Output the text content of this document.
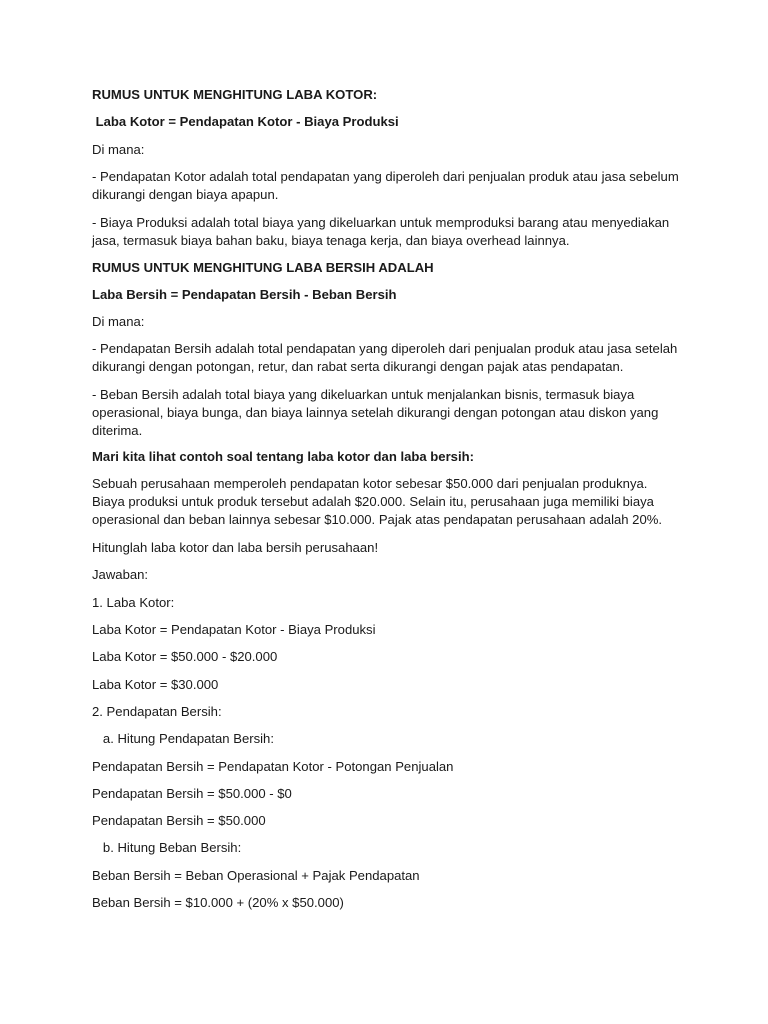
RUMUS UNTUK MENGHITUNG LABA KOTOR:
Laba Kotor = Pendapatan Kotor - Biaya Produksi
Di mana:
- Pendapatan Kotor adalah total pendapatan yang diperoleh dari penjualan produk atau jasa sebelum
dikurangi dengan biaya apapun.
- Biaya Produksi adalah total biaya yang dikeluarkan untuk memproduksi barang atau menyediakan
jasa, termasuk biaya bahan baku, biaya tenaga kerja, dan biaya overhead lainnya.
RUMUS UNTUK MENGHITUNG LABA BERSIH ADALAH
Laba Bersih = Pendapatan Bersih - Beban Bersih
Di mana:
- Pendapatan Bersih adalah total pendapatan yang diperoleh dari penjualan produk atau jasa setelah
dikurangi dengan potongan, retur, dan rabat serta dikurangi dengan pajak atas pendapatan.
- Beban Bersih adalah total biaya yang dikeluarkan untuk menjalankan bisnis, termasuk biaya
operasional, biaya bunga, dan biaya lainnya setelah dikurangi dengan potongan atau diskon yang
diterima.
Mari kita lihat contoh soal tentang laba kotor dan laba bersih:
Sebuah perusahaan memperoleh pendapatan kotor sebesar $50.000 dari penjualan produknya.
Biaya produksi untuk produk tersebut adalah $20.000. Selain itu, perusahaan juga memiliki biaya
operasional dan beban lainnya sebesar $10.000. Pajak atas pendapatan perusahaan adalah 20%.
Hitunglah laba kotor dan laba bersih perusahaan!
Jawaban:
1. Laba Kotor:
Laba Kotor = Pendapatan Kotor - Biaya Produksi
Laba Kotor = $50.000 - $20.000
Laba Kotor = $30.000
2. Pendapatan Bersih:
a. Hitung Pendapatan Bersih:
Pendapatan Bersih = Pendapatan Kotor - Potongan Penjualan
Pendapatan Bersih = $50.000 - $0
Pendapatan Bersih = $50.000
b. Hitung Beban Bersih:
Beban Bersih = Beban Operasional + Pajak Pendapatan
Beban Bersih = $10.000 + (20% x $50.000)
